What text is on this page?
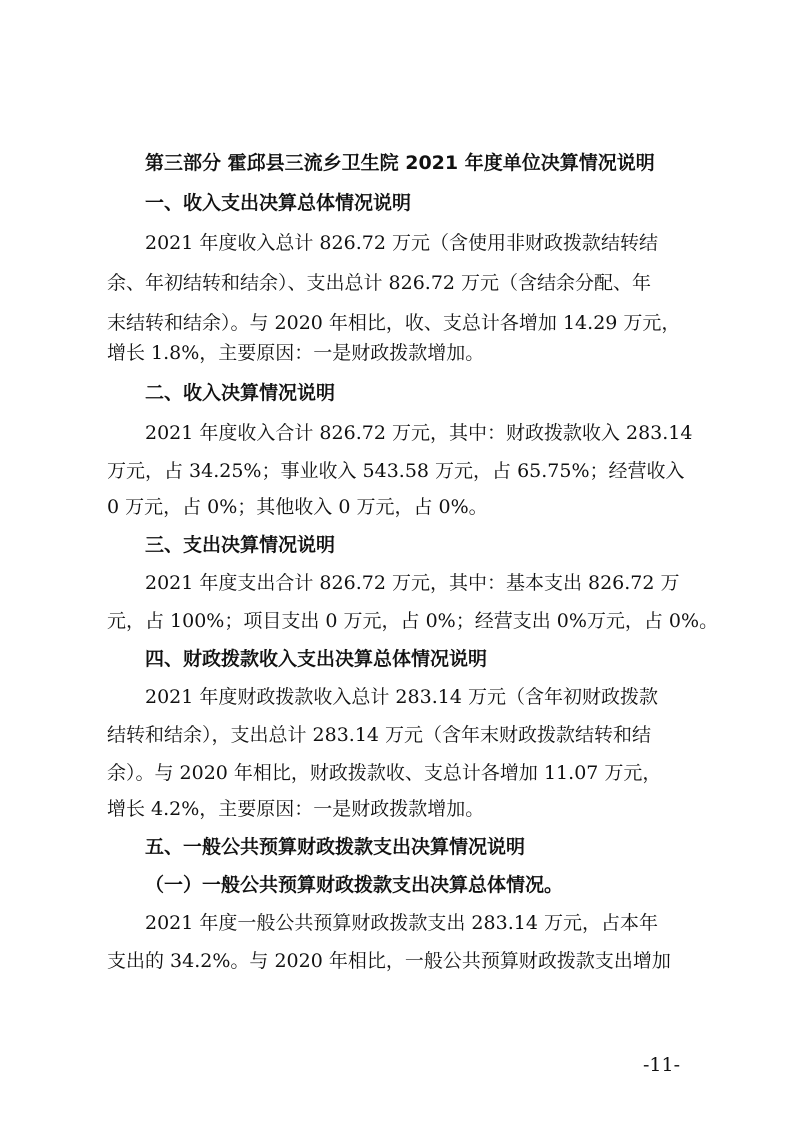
第三部分 霍邱县三流乡卫生院 2021 年度单位决算情况说明
一、收入支出决算总体情况说明
2021 年度收入总计 826.72 万元（含使用非财政拨款结转结
余、年初结转和结余）、支出总计 826.72 万元（含结余分配、年
末结转和结余）。与 2020 年相比，收、支总计各增加 14.29 万元，
增长 1.8%，主要原因：一是财政拨款增加。
二、收入决算情况说明
2021 年度收入合计 826.72 万元，其中：财政拨款收入 283.14
万元，占 34.25%；事业收入 543.58 万元，占 65.75%；经营收入
0 万元，占 0%；其他收入 0 万元，占 0%。
三、支出决算情况说明
2021 年度支出合计 826.72 万元，其中：基本支出 826.72 万
元，占 100%；项目支出 0 万元，占 0%；经营支出 0%万元，占 0%。
四、财政拨款收入支出决算总体情况说明
2021 年度财政拨款收入总计 283.14 万元（含年初财政拨款
结转和结余），支出总计 283.14 万元（含年末财政拨款结转和结
余）。与 2020 年相比，财政拨款收、支总计各增加 11.07 万元，
增长 4.2%，主要原因：一是财政拨款增加。
五、一般公共预算财政拨款支出决算情况说明
（一）一般公共预算财政拨款支出决算总体情况。
2021 年度一般公共预算财政拨款支出 283.14 万元，占本年
支出的 34.2%。与 2020 年相比，一般公共预算财政拨款支出增加
-11-
